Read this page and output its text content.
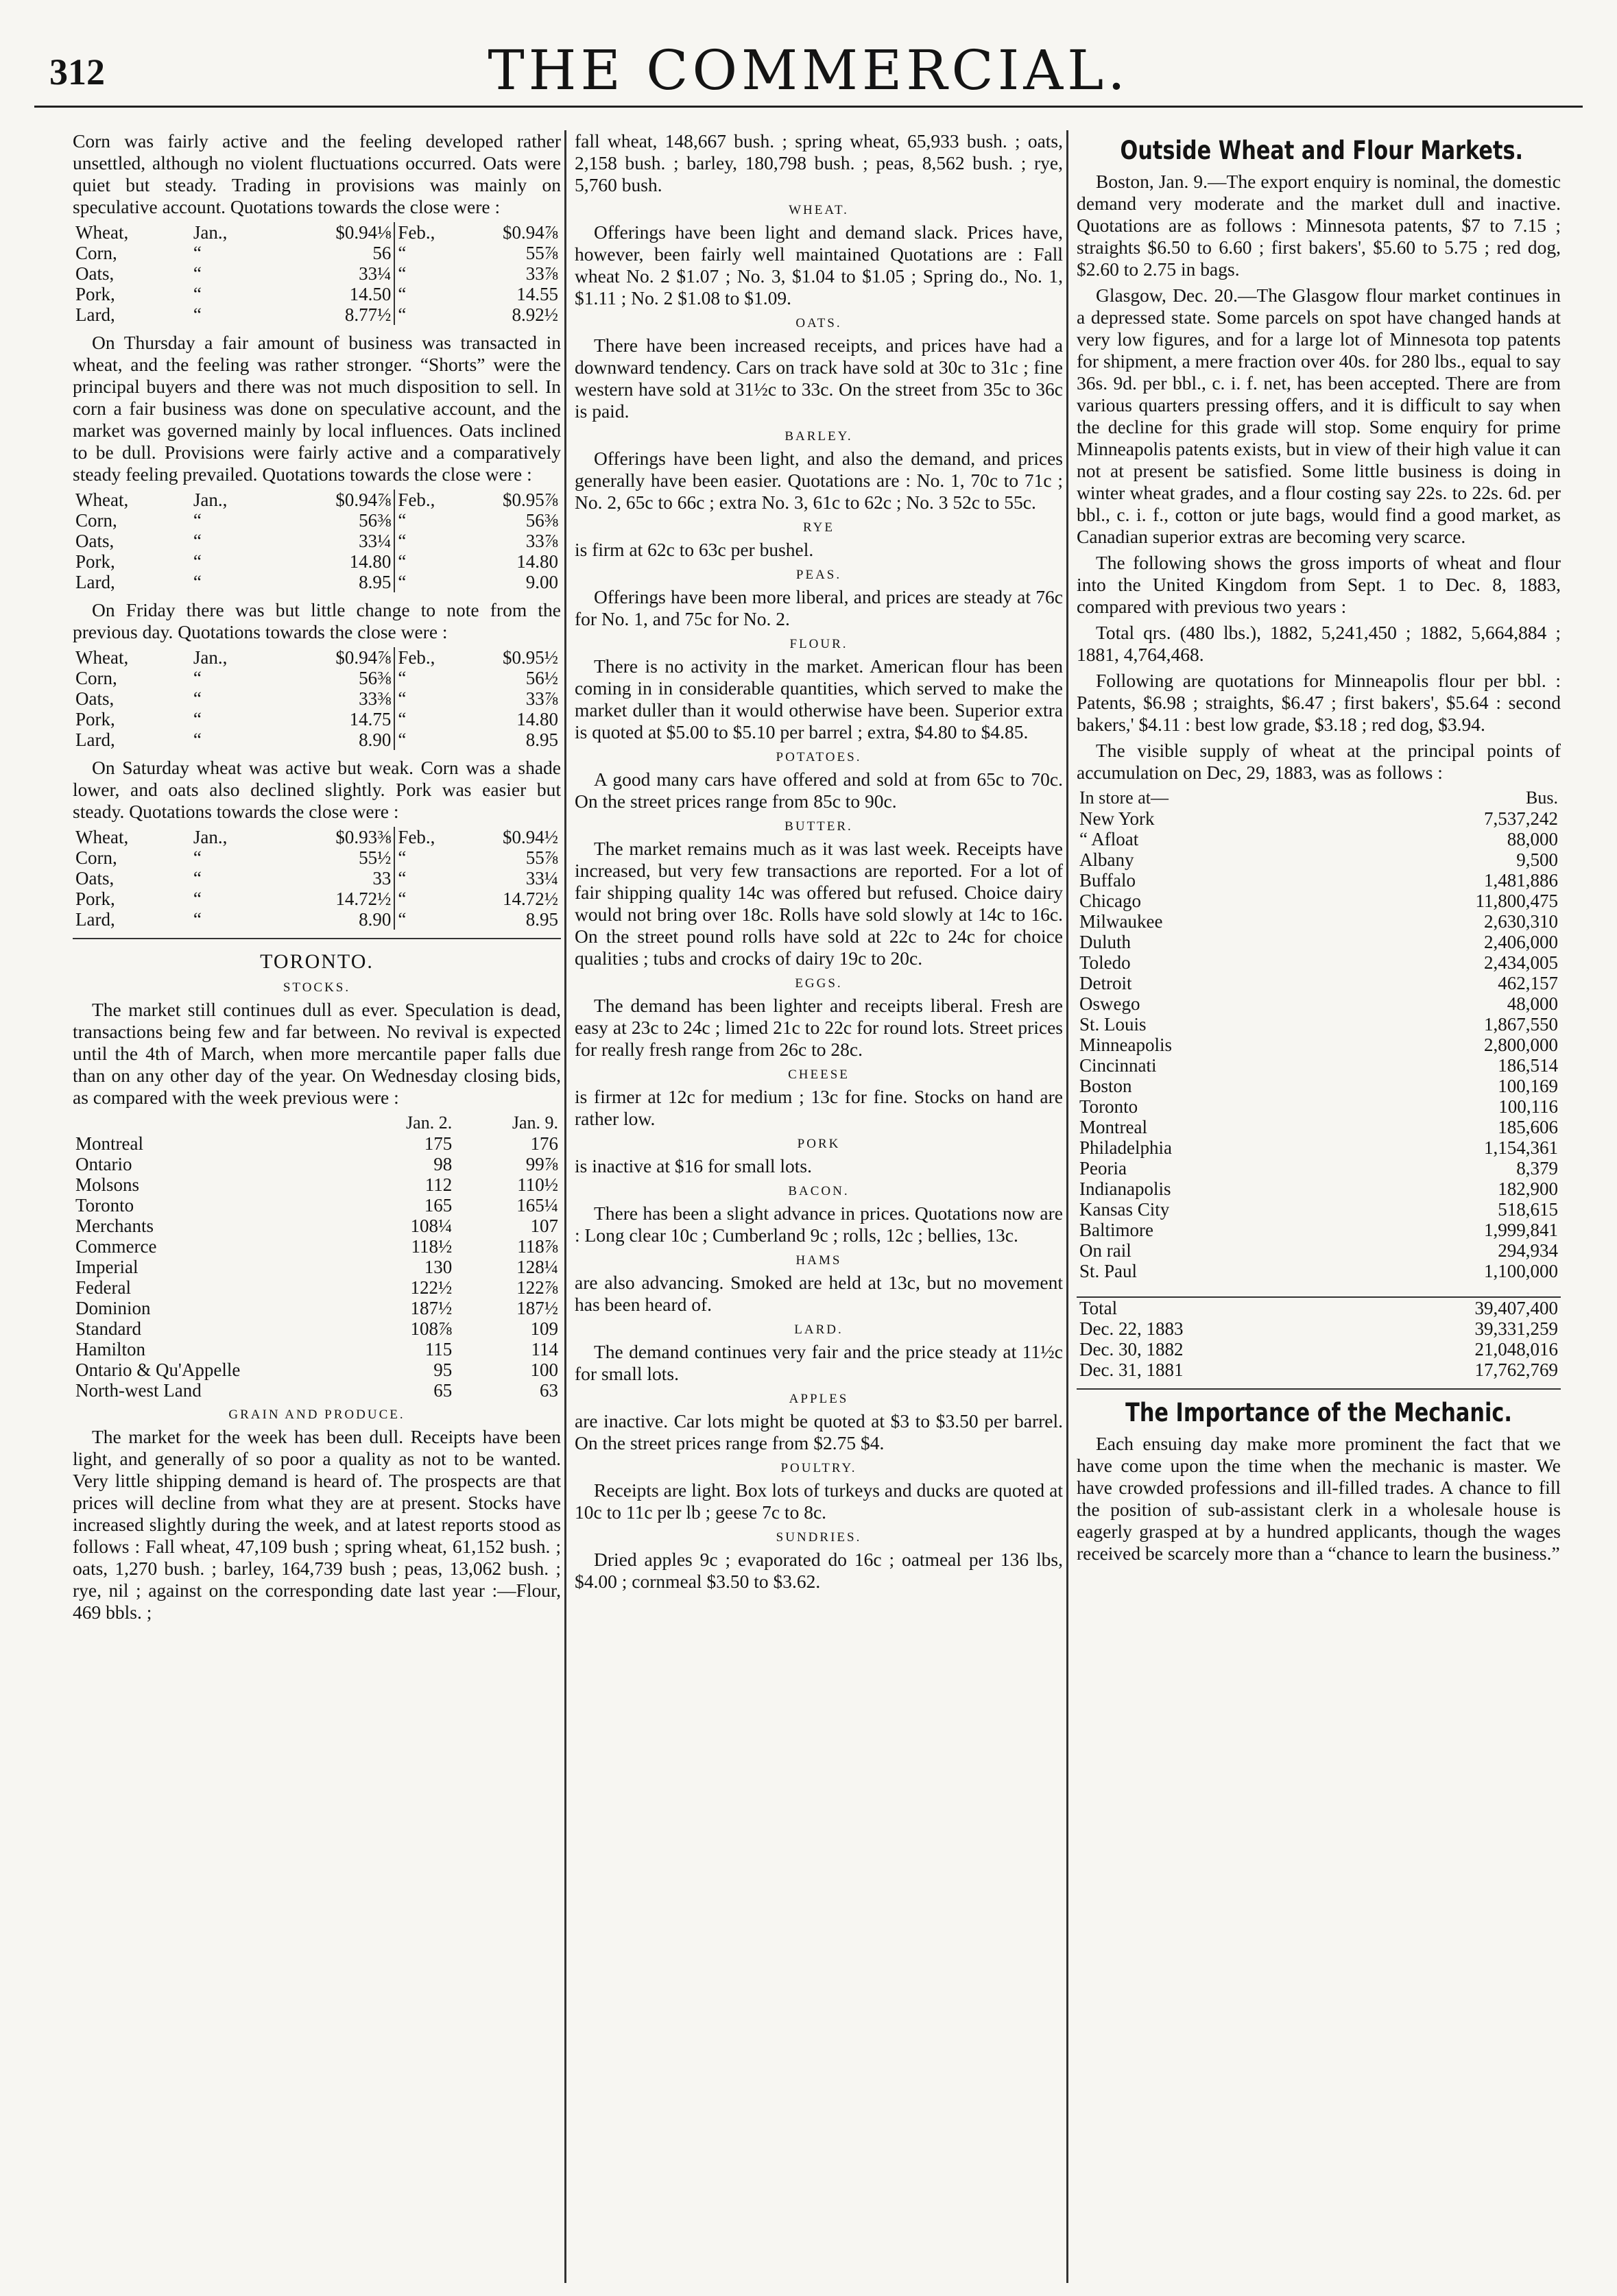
312	THE COMMERCIAL.

Corn was fairly active and the feeling developed rather unsettled, although no violent fluctuations occurred. Oats were quiet but steady. Trading in provisions was mainly on speculative account. Quotations towards the close were :

Wheat,	Jan.,	$0.94⅛	Feb.,	$0.94⅞
Corn,	“	56	“	55⅞
Oats,	“	33¼	“	33⅞
Pork,	“	14.50	“	14.55
Lard,	“	8.77½	“	8.92½

On Thursday a fair amount of business was transacted in wheat, and the feeling was rather stronger. “Shorts” were the principal buyers and there was not much disposition to sell. In corn a fair business was done on speculative account, and the market was governed mainly by local influences. Oats inclined to be dull. Provisions were fairly active and a comparatively steady feeling prevailed. Quotations towards the close were :

Wheat,	Jan.,	$0.94⅞	Feb.,	$0.95⅞
Corn,	“	56⅜	“	56⅜
Oats,	“	33¼	“	33⅞
Pork,	“	14.80	“	14.80
Lard,	“	8.95	“	9.00

On Friday there was but little change to note from the previous day. Quotations towards the close were :

Wheat,	Jan.,	$0.94⅞	Feb.,	$0.95½
Corn,	“	56⅜	“	56½
Oats,	“	33⅜	“	33⅞
Pork,	“	14.75	“	14.80
Lard,	“	8.90	“	8.95

On Saturday wheat was active but weak. Corn was a shade lower, and oats also declined slightly. Pork was easier but steady. Quotations towards the close were :

Wheat,	Jan.,	$0.93⅜	Feb.,	$0.94½
Corn,	“	55½	“	55⅞
Oats,	“	33	“	33¼
Pork,	“	14.72½	“	14.72½
Lard,	“	8.90	“	8.95
TORONTO.
STOCKS.

The market still continues dull as ever. Speculation is dead, transactions being few and far between. No revival is expected until the 4th of March, when more mercantile paper falls due than on any other day of the year. On Wednesday closing bids, as compared with the week previous were :

	Jan. 2.	Jan. 9.
Montreal	175	176
Ontario	98	99⅞
Molsons	112	110½
Toronto	165	165¼
Merchants	108¼	107
Commerce	118½	118⅞
Imperial	130	128¼
Federal	122½	122⅞
Dominion	187½	187½
Standard	108⅞	109
Hamilton	115	114
Ontario & Qu'Appelle	95	100
North-west Land	65	63
GRAIN AND PRODUCE.

The market for the week has been dull. Receipts have been light, and generally of so poor a quality as not to be wanted. Very little shipping demand is heard of. The prospects are that prices will decline from what they are at present. Stocks have increased slightly during the week, and at latest reports stood as follows : Fall wheat, 47,109 bush ; spring wheat, 61,152 bush. ; oats, 1,270 bush. ; barley, 164,739 bush ; peas, 13,062 bush. ; rye, nil ; against on the corresponding date last year :—Flour, 469 bbls. ;

fall wheat, 148,667 bush. ; spring wheat, 65,933 bush. ; oats, 2,158 bush. ; barley, 180,798 bush. ; peas, 8,562 bush. ; rye, 5,760 bush.

WHEAT.

Offerings have been light and demand slack. Prices have, however, been fairly well maintained Quotations are : Fall wheat No. 2 $1.07 ; No. 3, $1.04 to $1.05 ; Spring do., No. 1, $1.11 ; No. 2 $1.08 to $1.09.

OATS.

There have been increased receipts, and prices have had a downward tendency. Cars on track have sold at 30c to 31c ; fine western have sold at 31½c to 33c. On the street from 35c to 36c is paid.

BARLEY.

Offerings have been light, and also the demand, and prices generally have been easier. Quotations are : No. 1, 70c to 71c ; No. 2, 65c to 66c ; extra No. 3, 61c to 62c ; No. 3 52c to 55c.

RYE

is firm at 62c to 63c per bushel.

PEAS.

Offerings have been more liberal, and prices are steady at 76c for No. 1, and 75c for No. 2.

FLOUR.

There is no activity in the market. American flour has been coming in in considerable quantities, which served to make the market duller than it would otherwise have been. Superior extra is quoted at $5.00 to $5.10 per barrel ; extra, $4.80 to $4.85.

POTATOES.

A good many cars have offered and sold at from 65c to 70c. On the street prices range from 85c to 90c.

BUTTER.

The market remains much as it was last week. Receipts have increased, but very few transactions are reported. For a lot of fair shipping quality 14c was offered but refused. Choice dairy would not bring over 18c. Rolls have sold slowly at 14c to 16c. On the street pound rolls have sold at 22c to 24c for choice qualities ; tubs and crocks of dairy 19c to 20c.

EGGS.

The demand has been lighter and receipts liberal. Fresh are easy at 23c to 24c ; limed 21c to 22c for round lots. Street prices for really fresh range from 26c to 28c.

CHEESE

is firmer at 12c for medium ; 13c for fine. Stocks on hand are rather low.

PORK

is inactive at $16 for small lots.

BACON.

There has been a slight advance in prices. Quotations now are : Long clear 10c ; Cumberland 9c ; rolls, 12c ; bellies, 13c.

HAMS

are also advancing. Smoked are held at 13c, but no movement has been heard of.

LARD.

The demand continues very fair and the price steady at 11½c for small lots.

APPLES

are inactive. Car lots might be quoted at $3 to $3.50 per barrel. On the street prices range from $2.75 $4.

POULTRY.

Receipts are light. Box lots of turkeys and ducks are quoted at 10c to 11c per lb ; geese 7c to 8c.

SUNDRIES.

Dried apples 9c ; evaporated do 16c ; oatmeal per 136 lbs, $4.00 ; cornmeal $3.50 to $3.62.

Outside Wheat and Flour Markets.

Boston, Jan. 9.—The export enquiry is nominal, the domestic demand very moderate and the market dull and inactive. Quotations are as follows : Minnesota patents, $7 to 7.15 ; straights $6.50 to 6.60 ; first bakers', $5.60 to 5.75 ; red dog, $2.60 to 2.75 in bags.

Glasgow, Dec. 20.—The Glasgow flour market continues in a depressed state. Some parcels on spot have changed hands at very low figures, and for a large lot of Minnesota top patents for shipment, a mere fraction over 40s. for 280 lbs., equal to say 36s. 9d. per bbl., c. i. f. net, has been accepted. There are from various quarters pressing offers, and it is difficult to say when the decline for this grade will stop. Some enquiry for prime Minneapolis patents exists, but in view of their high value it can not at present be satisfied. Some little business is doing in winter wheat grades, and a flour costing say 22s. to 22s. 6d. per bbl., c. i. f., cotton or jute bags, would find a good market, as Canadian superior extras are becoming very scarce.

The following shows the gross imports of wheat and flour into the United Kingdom from Sept. 1 to Dec. 8, 1883, compared with previous two years :

Total qrs. (480 lbs.), 1882, 5,241,450 ; 1882, 5,664,884 ; 1881, 4,764,468.

Following are quotations for Minneapolis flour per bbl. : Patents, $6.98 ; straights, $6.47 ; first bakers', $5.64 : second bakers,' $4.11 : best low grade, $3.18 ; red dog, $3.94.

The visible supply of wheat at the principal points of accumulation on Dec, 29, 1883, was as follows :

In store at—	Bus.
New York	7,537,242
“ Afloat	88,000
Albany	9,500
Buffalo	1,481,886
Chicago	11,800,475
Milwaukee	2,630,310
Duluth	2,406,000
Toledo	2,434,005
Detroit	462,157
Oswego	48,000
St. Louis	1,867,550
Minneapolis	2,800,000
Cincinnati	186,514
Boston	100,169
Toronto	100,116
Montreal	185,606
Philadelphia	1,154,361
Peoria	8,379
Indianapolis	182,900
Kansas City	518,615
Baltimore	1,999,841
On rail	294,934
St. Paul	1,100,000

Total	39,407,400
Dec. 22, 1883	39,331,259
Dec. 30, 1882	21,048,016
Dec. 31, 1881	17,762,769
The Importance of the Mechanic.

Each ensuing day make more prominent the fact that we have come upon the time when the mechanic is master. We have crowded professions and ill-filled trades. A chance to fill the position of sub-assistant clerk in a wholesale house is eagerly grasped at by a hundred applicants, though the wages received be scarcely more than a “chance to learn the business.”
